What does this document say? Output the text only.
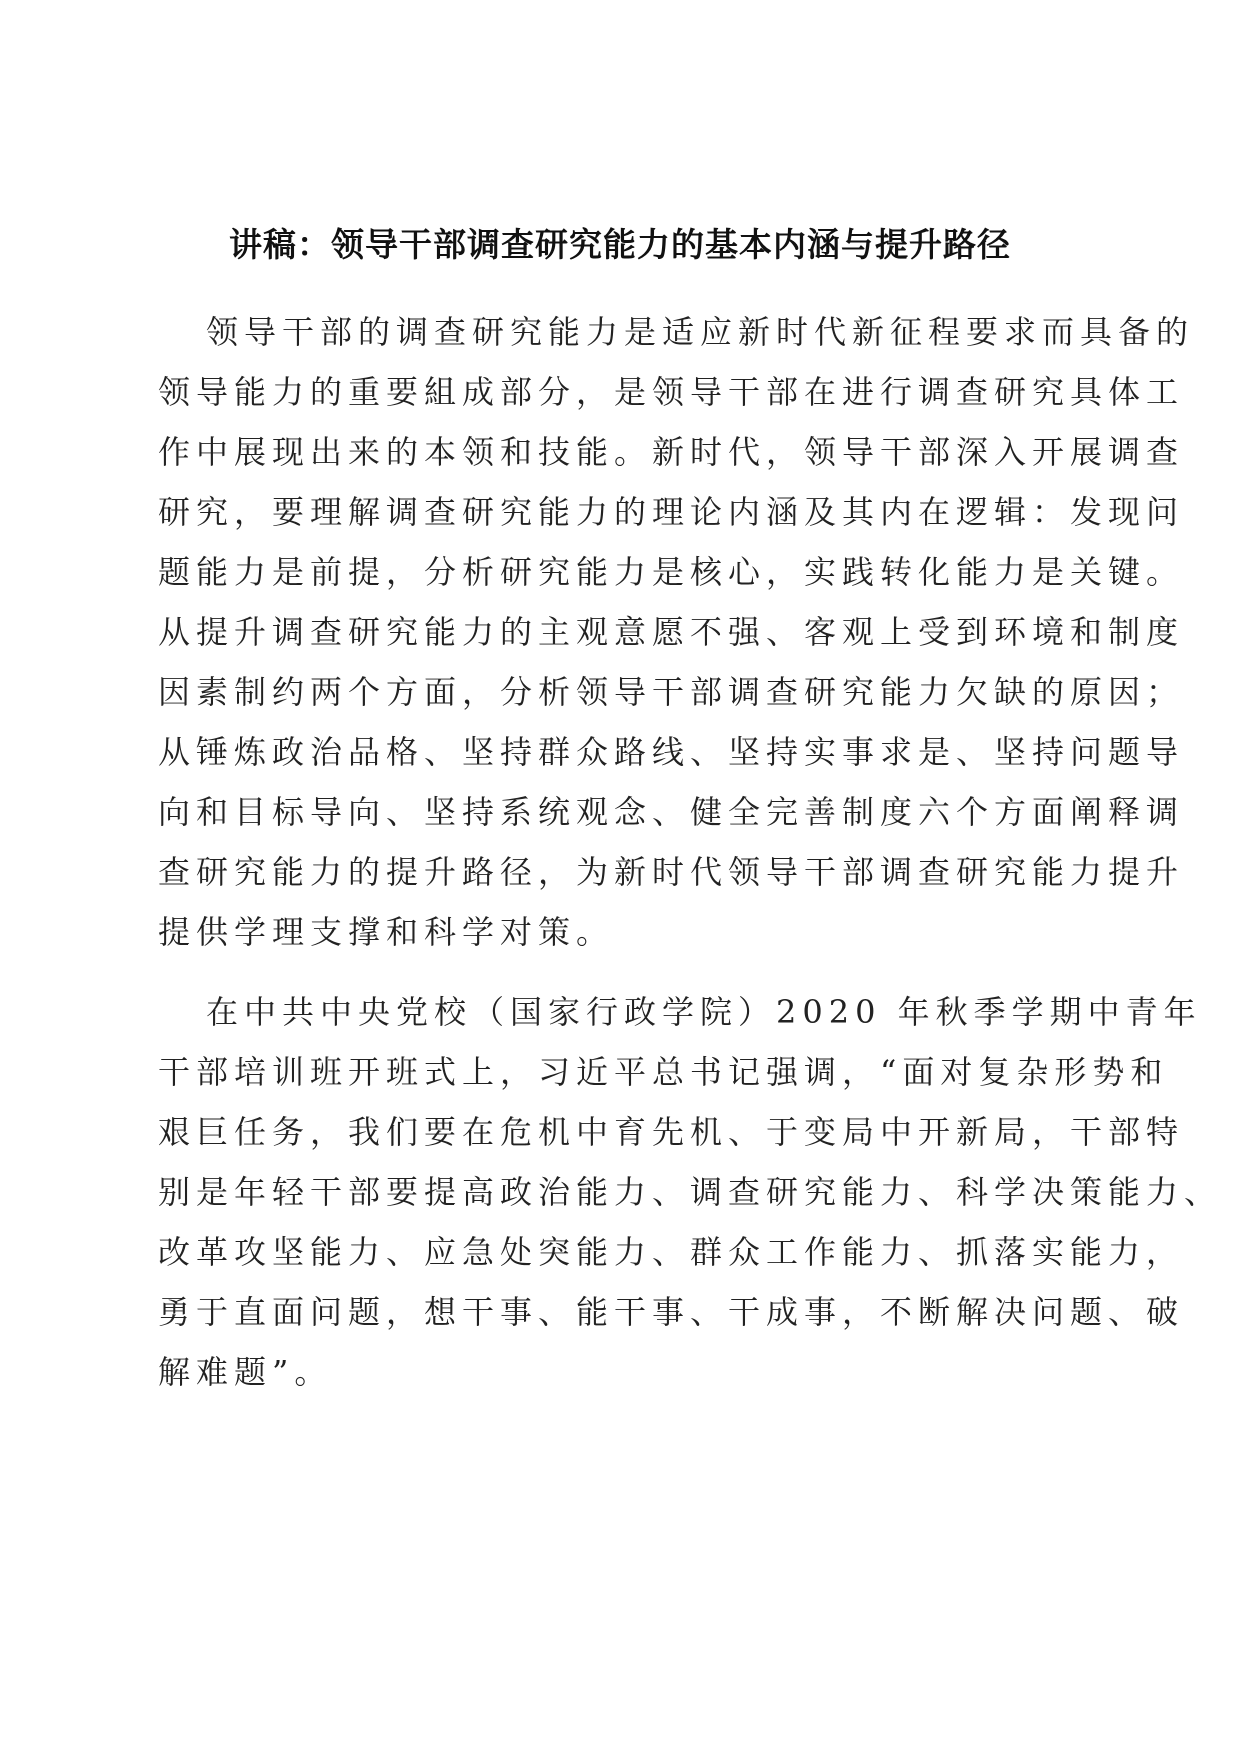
讲稿：领导干部调查研究能力的基本内涵与提升路径

领导干部的调查研究能力是适应新时代新征程要求而具备的

领导能力的重要組成部分，是领导干部在进行调查研究具体工

作中展现出来的本领和技能。新时代，领导干部深入开展调查

研究，要理解调查研究能力的理论内涵及其内在逻辑：发现问

题能力是前提，分析研究能力是核心，实践转化能力是关键。

从提升调查研究能力的主观意愿不强、客观上受到环境和制度

因素制约两个方面，分析领导干部调查研究能力欠缺的原因；

从锤炼政治品格、坚持群众路线、坚持实事求是、坚持问题导

向和目标导向、坚持系统观念、健全完善制度六个方面阐释调

查研究能力的提升路径，为新时代领导干部调查研究能力提升

提供学理支撑和科学对策。

在中共中央党校（国家行政学院）2020 年秋季学期中青年

干部培训班开班式上，习近平总书记强调，“面对复杂形势和

艰巨任务，我们要在危机中育先机、于变局中开新局，干部特

别是年轻干部要提高政治能力、调查研究能力、科学决策能力、

改革攻坚能力、应急处突能力、群众工作能力、抓落实能力，

勇于直面问题，想干事、能干事、干成事，不断解决问题、破

解难题”。
